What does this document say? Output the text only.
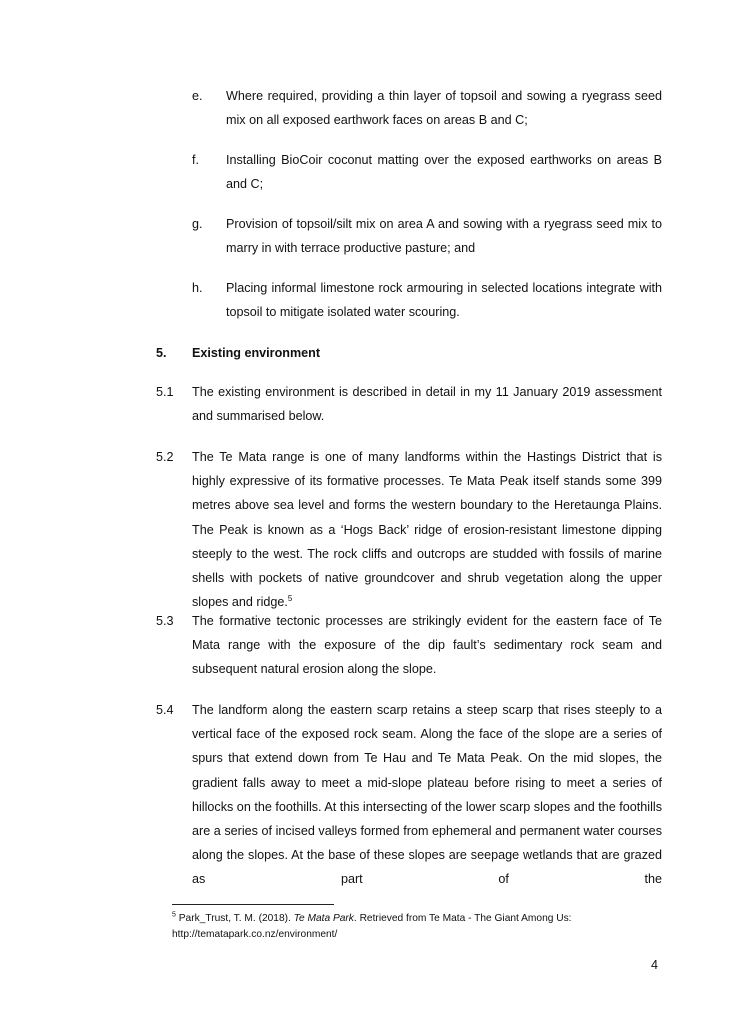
e. Where required, providing a thin layer of topsoil and sowing a ryegrass seed mix on all exposed earthwork faces on areas B and C;

f. Installing BioCoir coconut matting over the exposed earthworks on areas B and C;

g. Provision of topsoil/silt mix on area A and sowing with a ryegrass seed mix to marry in with terrace productive pasture; and

h. Placing informal limestone rock armouring in selected locations integrate with topsoil to mitigate isolated water scouring.

5. Existing environment

5.1 The existing environment is described in detail in my 11 January 2019 assessment and summarised below.

5.2 The Te Mata range is one of many landforms within the Hastings District that is highly expressive of its formative processes. Te Mata Peak itself stands some 399 metres above sea level and forms the western boundary to the Heretaunga Plains. The Peak is known as a ‘Hogs Back’ ridge of erosion-resistant limestone dipping steeply to the west. The rock cliffs and outcrops are studded with fossils of marine shells with pockets of native groundcover and shrub vegetation along the upper slopes and ridge.$^5$

5.3 The formative tectonic processes are strikingly evident for the eastern face of Te Mata range with the exposure of the dip fault’s sedimentary rock seam and subsequent natural erosion along the slope.

5.4 The landform along the eastern scarp retains a steep scarp that rises steeply to a vertical face of the exposed rock seam. Along the face of the slope are a series of spurs that extend down from Te Hau and Te Mata Peak. On the mid slopes, the gradient falls away to meet a mid-slope plateau before rising to meet a series of hillocks on the foothills. At this intersecting of the lower scarp slopes and the foothills are a series of incised valleys formed from ephemeral and permanent water courses along the slopes. At the base of these slopes are seepage wetlands that are grazed as part of the

$^5$ Park_Trust, T. M. (2018). Te Mata Park. Retrieved from Te Mata - The Giant Among Us:
http://tematapark.co.nz/environment/

4
